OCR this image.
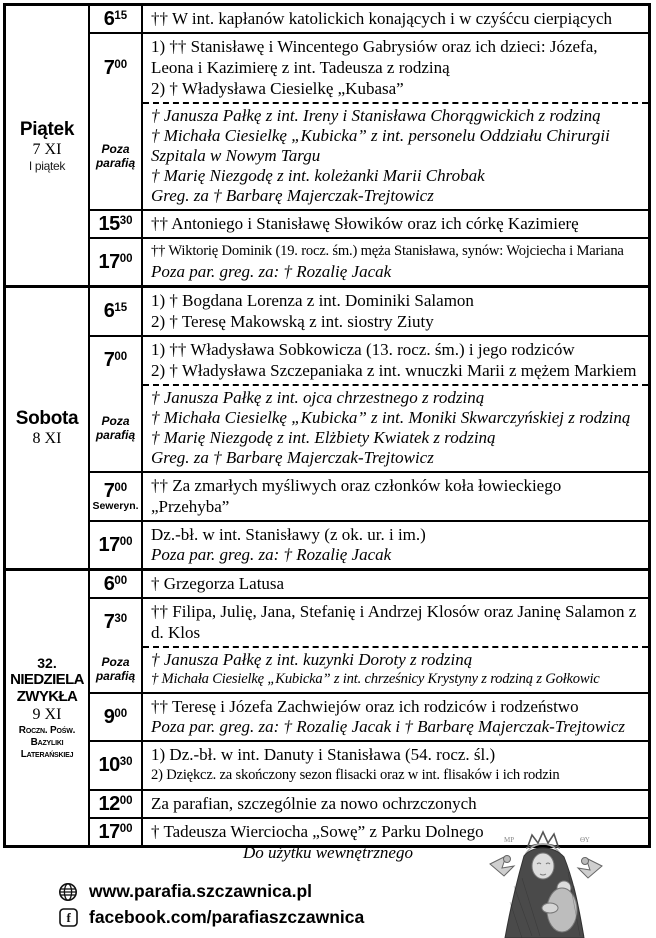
Piątek
7 XI
I piątek
$6^{15}$ †† W int. kapłanów katolickich konających i w czyśćcu cierpiących
$7^{00}$
1) †† Stanisławę i Wincentego Gabrysiów oraz ich dzieci: Józefa, Leona i Kazimierę z int. Tadeusza z rodziną
2) † Władysława Ciesielkę „Kubasa”
Poza parafią
† Janusza Pałkę z int. Ireny i Stanisława Chorągwickich z rodziną
† Michała Ciesielkę „Kubicka” z int. personelu Oddziału Chirurgii Szpitala w Nowym Targu
† Marię Niezgodę z int. koleżanki Marii Chrobak
Greg. za † Barbarę Majerczak-Trejtowicz
$15^{30}$ †† Antoniego i Stanisławę Słowików oraz ich córkę Kazimierę
$17^{00}$ †† Wiktorię Dominik (19. rocz. śm.) męża Stanisława, synów: Wojciecha i Mariana
Poza par. greg. za: † Rozalię Jacak
Sobota
8 XI
$6^{15}$ 1) † Bogdana Lorenza z int. Dominiki Salamon
2) † Teresę Makowską z int. siostry Ziuty
$7^{00}$ 1) †† Władysława Sobkowicza (13. rocz. śm.) i jego rodziców
2) † Władysława Szczepaniaka z int. wnuczki Marii z mężem Markiem
Poza parafią
† Janusza Pałkę z int. ojca chrzestnego z rodziną
† Michała Ciesielkę „Kubicka” z int. Moniki Skwarczyńskiej z rodziną
† Marię Niezgodę z int. Elżbiety Kwiatek z rodziną
Greg. za † Barbarę Majerczak-Trejtowicz
$7^{00}$
Seweryn.
†† Za zmarłych myśliwych oraz członków koła łowieckiego „Przehyba”
$17^{00}$ Dz.-bł. w int. Stanisławy (z ok. ur. i im.)
Poza par. greg. za: † Rozalię Jacak
32.
NIEDZIELA
ZWYKŁA
9 XI
Roczn. Pośw. Bazyliki Laterańskiej
$6^{00}$ † Grzegorza Latusa
$7^{30}$ †† Filipa, Julię, Jana, Stefanię i Andrzej Klosów oraz Janinę Salamon z d. Klos
Poza parafią
† Janusza Pałkę z int. kuzynki Doroty z rodziną
† Michała Ciesielkę „Kubicka” z int. chrześnicy Krystyny z rodziną z Gołkowic
$9^{00}$ †† Teresę i Józefa Zachwiejów oraz ich rodziców i rodzeństwo
Poza par. greg. za: † Rozalię Jacak i † Barbarę Majerczak-Trejtowicz
$10^{30}$ 1) Dz.-bł. w int. Danuty i Stanisława (54. rocz. śl.)
2) Dziękcz. za skończony sezon flisacki oraz w int. flisaków i ich rodzin
$12^{00}$ Za parafian, szczególnie za nowo ochrzczonych
$17^{00}$ † Tadeusza Wierciocha „Sowę” z Parku Dolnego
Do użytku wewnętrznego
www.parafia.szczawnica.pl
f facebook.com/parafiaszczawnica
ΜΡ	ΘΥ
